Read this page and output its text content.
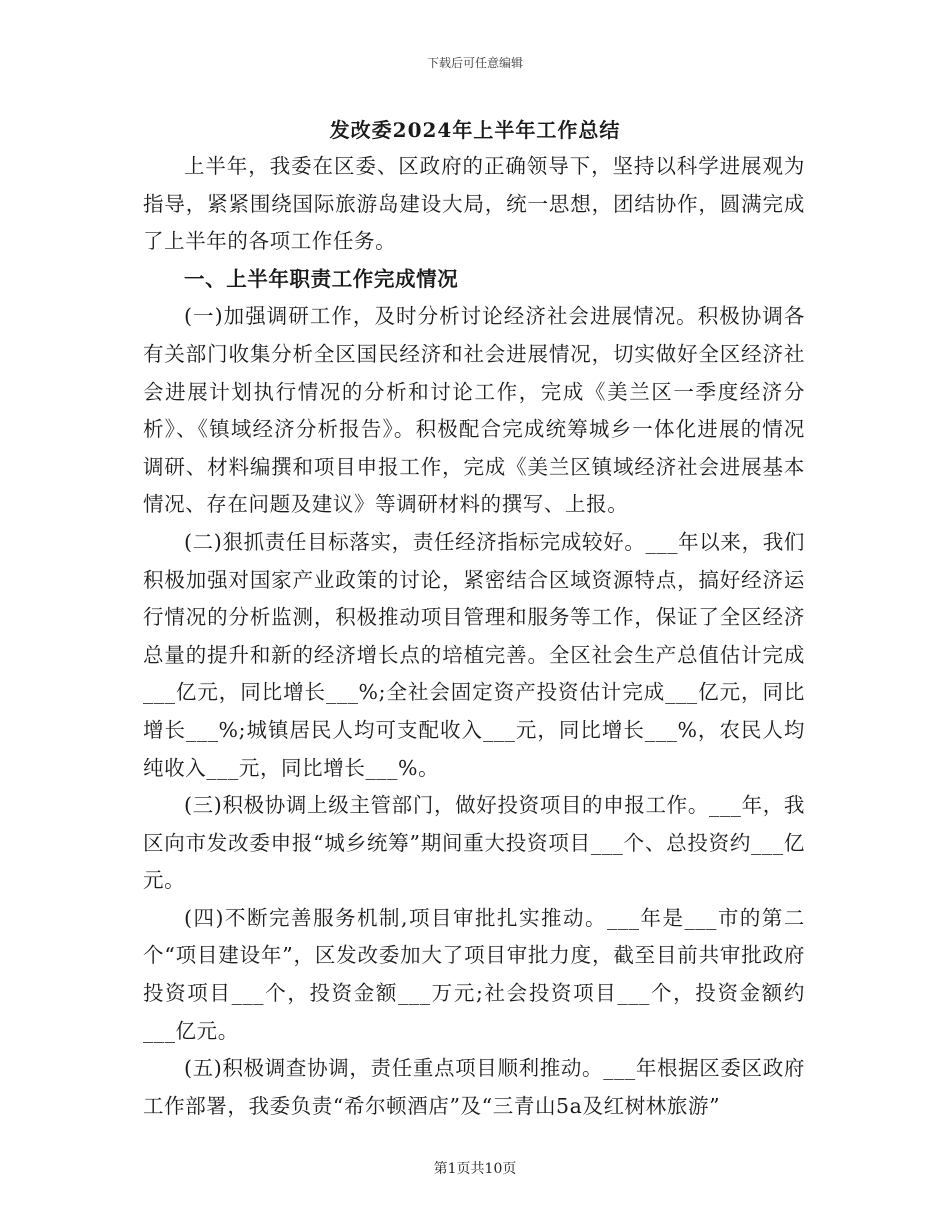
下载后可任意编辑
发改委2024年上半年工作总结

上半年，我委在区委、区政府的正确领导下，坚持以科学进展观为指导，紧紧围绕国际旅游岛建设大局，统一思想，团结协作，圆满完成了上半年的各项工作任务。

一、上半年职责工作完成情况

(一)加强调研工作，及时分析讨论经济社会进展情况。积极协调各有关部门收集分析全区国民经济和社会进展情况，切实做好全区经济社会进展计划执行情况的分析和讨论工作，完成《美兰区一季度经济分析》、《镇域经济分析报告》。积极配合完成统筹城乡一体化进展的情况调研、材料编撰和项目申报工作，完成《美兰区镇域经济社会进展基本情况、存在问题及建议》等调研材料的撰写、上报。

(二)狠抓责任目标落实，责任经济指标完成较好。___年以来，我们积极加强对国家产业政策的讨论，紧密结合区域资源特点，搞好经济运行情况的分析监测，积极推动项目管理和服务等工作，保证了全区经济总量的提升和新的经济增长点的培植完善。全区社会生产总值估计完成___亿元，同比增长___%;全社会固定资产投资估计完成___亿元，同比增长___%;城镇居民人均可支配收入___元，同比增长___%，农民人均纯收入___元，同比增长___%。

(三)积极协调上级主管部门，做好投资项目的申报工作。___年，我区向市发改委申报“城乡统筹”期间重大投资项目___个、总投资约___亿元。

(四)不断完善服务机制,项目审批扎实推动。___年是___市的第二个“项目建设年”，区发改委加大了项目审批力度，截至目前共审批政府投资项目___个，投资金额___万元;社会投资项目___个，投资金额约___亿元。

(五)积极调查协调，责任重点项目顺利推动。___年根据区委区政府工作部署，我委负责“希尔顿酒店”及“三青山5a及红树林旅游”

第1页共10页
